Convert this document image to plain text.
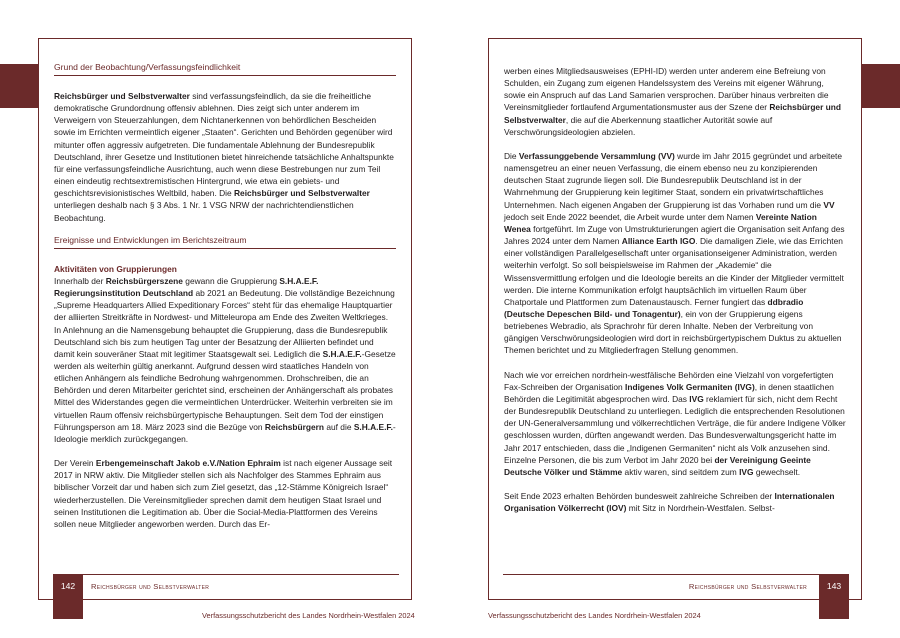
Grund der Beobachtung/Verfassungsfeindlichkeit

Reichsbürger und Selbstverwalter sind verfassungsfeindlich, da sie die freiheitliche demokratische Grundordnung offensiv ablehnen. Dies zeigt sich unter anderem im Verweigern von Steuerzahlungen, dem Nichtanerkennen von behördlichen Bescheiden sowie im Errichten vermeintlich eigener „Staaten“. Gerichten und Behörden gegenüber wird mitunter offen aggressiv aufgetreten. Die fundamentale Ablehnung der Bundesrepublik Deutschland, ihrer Gesetze und Institutionen bietet hinreichende tatsächliche Anhaltspunkte für eine verfassungsfeindliche Ausrichtung, auch wenn diese Bestrebungen nur zum Teil einen eindeutig rechtsextremistischen Hintergrund, wie etwa ein gebiets- und geschichtsrevisionistisches Weltbild, haben. Die Reichsbürger und Selbstverwalter unterliegen deshalb nach § 3 Abs. 1 Nr. 1 VSG NRW der nachrichtendienstlichen Beobachtung.

Ereignisse und Entwicklungen im Berichtszeitraum

Aktivitäten von Gruppierungen

Innerhalb der Reichsbürgerszene gewann die Gruppierung S.H.A.E.F. Regierungsinstitution Deutschland ab 2021 an Bedeutung. Die vollständige Bezeichnung „Supreme Headquarters Allied Expeditionary Forces“ steht für das ehemalige Hauptquartier der alliierten Streitkräfte in Nordwest- und Mitteleuropa am Ende des Zweiten Weltkrieges. In Anlehnung an die Namensgebung behauptet die Gruppierung, dass die Bundesrepublik Deutschland sich bis zum heutigen Tag unter der Besatzung der Alliierten befindet und damit kein souveräner Staat mit legitimer Staatsgewalt sei. Lediglich die S.H.A.E.F.-Gesetze werden als weiterhin gültig anerkannt. Aufgrund dessen wird staatliches Handeln von etlichen Anhängern als feindliche Bedrohung wahrgenommen. Drohschreiben, die an Behörden und deren Mitarbeiter gerichtet sind, erscheinen der Anhängerschaft als probates Mittel des Widerstandes gegen die vermeintlichen Unterdrücker. Weiterhin verbreiten sie im virtuellen Raum offensiv reichsbürgertypische Behauptungen. Seit dem Tod der einstigen Führungsperson am 18. März 2023 sind die Bezüge von Reichsbürgern auf die S.H.A.E.F.-Ideologie merklich zurückgegangen.

Der Verein Erbengemeinschaft Jakob e.V./Nation Ephraim ist nach eigener Aussage seit 2017 in NRW aktiv. Die Mitglieder stellen sich als Nachfolger des Stammes Ephraim aus biblischer Vorzeit dar und haben sich zum Ziel gesetzt, das „12-Stämme Königreich Israel“ wiederherzustellen. Die Vereinsmitglieder sprechen damit dem heutigen Staat Israel und seinen Institutionen die Legitimation ab. Über die Social-Media-Plattformen des Vereins sollen neue Mitglieder angeworben werden. Durch das Er-

142	Reichsbürger und Selbstverwalter

werben eines Mitgliedsausweises (EPHI-ID) werden unter anderem eine Befreiung von Schulden, ein Zugang zum eigenen Handelssystem des Vereins mit eigener Währung, sowie ein Anspruch auf das Land Samarien versprochen. Darüber hinaus verbreiten die Vereinsmitglieder fortlaufend Argumentationsmuster aus der Szene der Reichsbürger und Selbstverwalter, die auf die Aberkennung staatlicher Autorität sowie auf Verschwörungsideologien abzielen.

Die Verfassunggebende Versammlung (VV) wurde im Jahr 2015 gegründet und arbeitete namensgetreu an einer neuen Verfassung, die einem ebenso neu zu konzipierenden deutschen Staat zugrunde liegen soll. Die Bundesrepublik Deutschland ist in der Wahrnehmung der Gruppierung kein legitimer Staat, sondern ein privatwirtschaftliches Unternehmen. Nach eigenen Angaben der Gruppierung ist das Vorhaben rund um die VV jedoch seit Ende 2022 beendet, die Arbeit wurde unter dem Namen Vereinte Nation Wenea fortgeführt. Im Zuge von Umstrukturierungen agiert die Organisation seit Anfang des Jahres 2024 unter dem Namen Alliance Earth IGO. Die damaligen Ziele, wie das Errichten einer vollständigen Parallelgesellschaft unter organisationseigener Administration, werden weiterhin verfolgt. So soll beispielsweise im Rahmen der „Akademie“ die Wissensvermittlung erfolgen und die Ideologie bereits an die Kinder der Mitglieder vermittelt werden. Die interne Kommunikation erfolgt hauptsächlich im virtuellen Raum über Chatportale und Plattformen zum Datenaustausch. Ferner fungiert das ddbradio (Deutsche Depeschen Bild- und Tonagentur), ein von der Gruppierung eigens betriebenes Webradio, als Sprachrohr für deren Inhalte. Neben der Verbreitung von gängigen Verschwörungsideologien wird dort in reichsbürgertypischem Duktus zu aktuellen Themen berichtet und zu Mitgliederfragen Stellung genommen.

Nach wie vor erreichen nordrhein-westfälische Behörden eine Vielzahl von vorgefertigten Fax-Schreiben der Organisation Indigenes Volk Germaniten (IVG), in denen staatlichen Behörden die Legitimität abgesprochen wird. Das IVG reklamiert für sich, nicht dem Recht der Bundesrepublik Deutschland zu unterliegen. Lediglich die entsprechenden Resolutionen der UN-Generalversammlung und völkerrechtlichen Verträge, die für andere Indigene Völker geschlossen wurden, dürften angewandt werden. Das Bundesverwaltungsgericht hatte im Jahr 2017 entschieden, dass die „Indigenen Germaniten“ nicht als Volk anzusehen sind. Einzelne Personen, die bis zum Verbot im Jahr 2020 bei der Vereinigung Geeinte Deutsche Völker und Stämme aktiv waren, sind seitdem zum IVG gewechselt.

Seit Ende 2023 erhalten Behörden bundesweit zahlreiche Schreiben der Internationalen Organisation Völkerrecht (IOV) mit Sitz in Nordrhein-Westfalen. Selbst-

143
Reichsbürger und Selbstverwalter
Verfassungsschutzbericht des Landes Nordrhein-Westfalen 2024	Verfassungsschutzbericht des Landes Nordrhein-Westfalen 2024
